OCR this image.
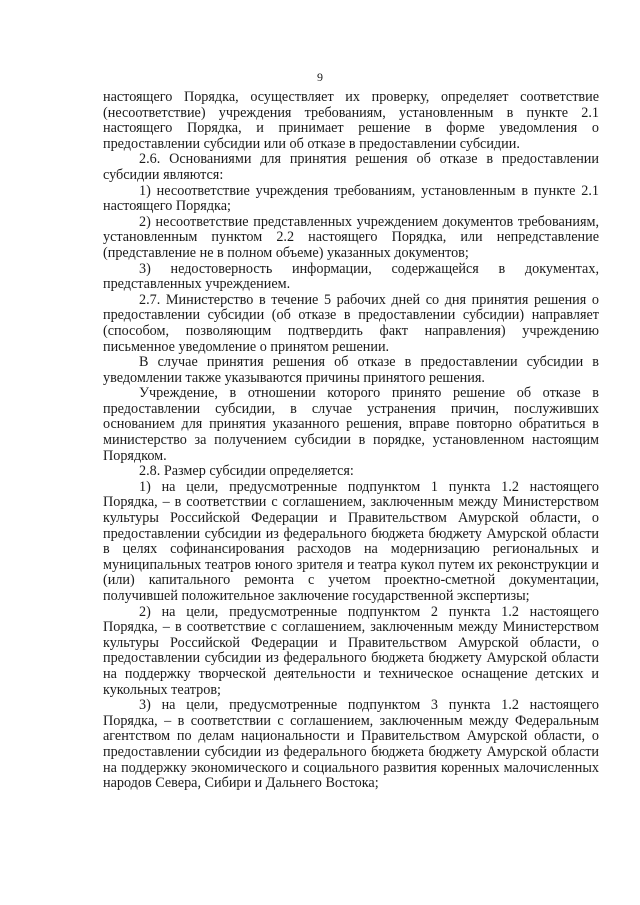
9

настоящего Порядка, осуществляет их проверку, определяет соответствие (несоответствие) учреждения требованиям, установленным в пункте 2.1 настоящего Порядка, и принимает решение в форме уведомления о предоставлении субсидии или об отказе в предоставлении субсидии.

2.6. Основаниями для принятия решения об отказе в предоставлении субсидии являются:

1) несоответствие учреждения требованиям, установленным в пункте 2.1 настоящего Порядка;

2) несоответствие представленных учреждением документов требованиям, установленным пунктом 2.2 настоящего Порядка, или непредставление (представление не в полном объеме) указанных документов;

3) недостоверность информации, содержащейся в документах, представленных учреждением.

2.7. Министерство в течение 5 рабочих дней со дня принятия решения о предоставлении субсидии (об отказе в предоставлении субсидии) направляет (способом, позволяющим подтвердить факт направления) учреждению письменное уведомление о принятом решении.

В случае принятия решения об отказе в предоставлении субсидии в уведомлении также указываются причины принятого решения.

Учреждение, в отношении которого принято решение об отказе в предоставлении субсидии, в случае устранения причин, послуживших основанием для принятия указанного решения, вправе повторно обратиться в министерство за получением субсидии в порядке, установленном настоящим Порядком.

2.8. Размер субсидии определяется:

1) на цели, предусмотренные подпунктом 1 пункта 1.2 настоящего Порядка, – в соответствии с соглашением, заключенным между Министерством культуры Российской Федерации и Правительством Амурской области, о предоставлении субсидии из федерального бюджета бюджету Амурской области в целях софинансирования расходов на модернизацию региональных и муниципальных театров юного зрителя и театра кукол путем их реконструкции и (или) капитального ремонта с учетом проектно-сметной документации, получившей положительное заключение государственной экспертизы;

2) на цели, предусмотренные подпунктом 2 пункта 1.2 настоящего Порядка, – в соответствие с соглашением, заключенным между Министерством культуры Российской Федерации и Правительством Амурской области, о предоставлении субсидии из федерального бюджета бюджету Амурской области на поддержку творческой деятельности и техническое оснащение детских и кукольных театров;

3) на цели, предусмотренные подпунктом 3 пункта 1.2 настоящего Порядка, – в соответствии с соглашением, заключенным между Федеральным агентством по делам национальности и Правительством Амурской области, о предоставлении субсидии из федерального бюджета бюджету Амурской области на поддержку экономического и социального развития коренных малочисленных народов Севера, Сибири и Дальнего Востока;
